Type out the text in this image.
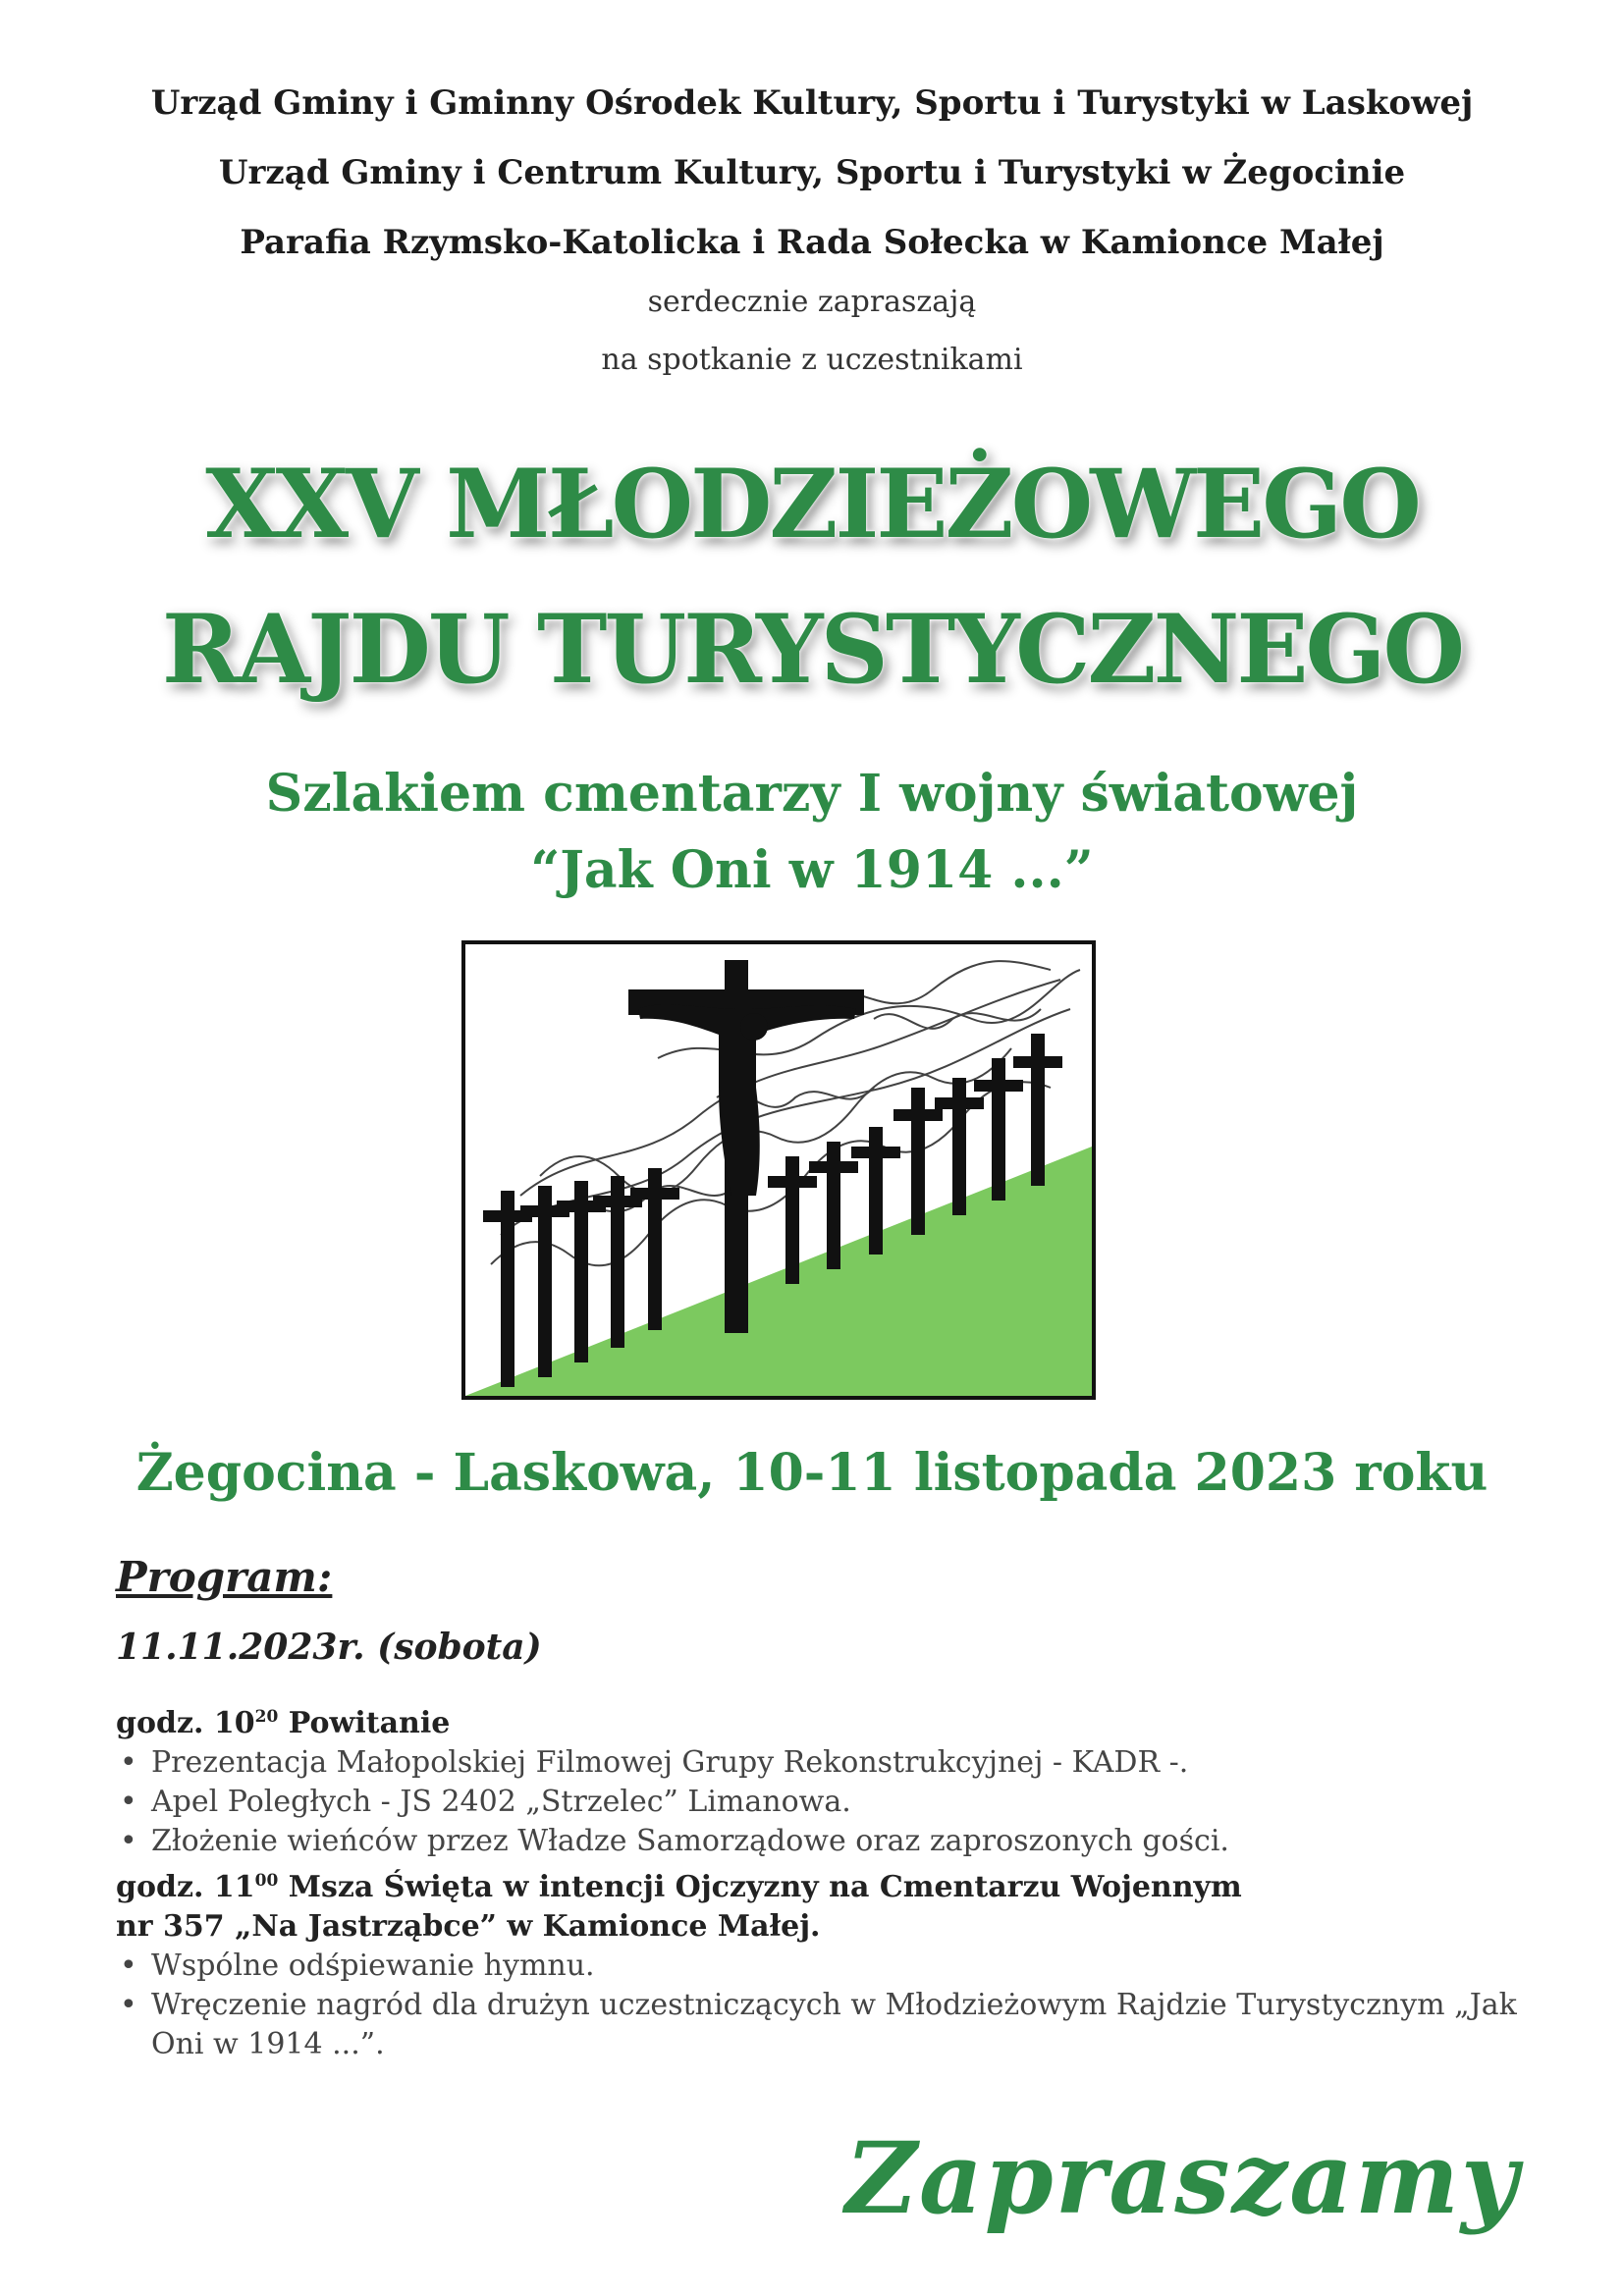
Urząd Gminy i Gminny Ośrodek Kultury, Sportu i Turystyki w Laskowej
Urząd Gminy i Centrum Kultury, Sportu i Turystyki w Żegocinie
Parafia Rzymsko-Katolicka i Rada Sołecka w Kamionce Małej
serdecznie zapraszają
na spotkanie z uczestnikami
XXV MŁODZIEŻOWEGO
RAJDU TURYSTYCZNEGO
Szlakiem cmentarzy I wojny światowej
“Jak Oni w 1914 ...”
Żegocina - Laskowa, 10-11 listopada 2023 roku
Program:
11.11.2023r. (sobota)
godz. $10^{20}$ Powitanie
• Prezentacja Małopolskiej Filmowej Grupy Rekonstrukcyjnej - KADR -.
• Apel Poległych - JS 2402 „Strzelec” Limanowa.
• Złożenie wieńców przez Władze Samorządowe oraz zaproszonych gości.
godz. $11^{00}$ Msza Święta w intencji Ojczyzny na Cmentarzu Wojennym
nr 357 „Na Jastrząbce” w Kamionce Małej.
• Wspólne odśpiewanie hymnu.
• Wręczenie nagród dla drużyn uczestniczących w Młodzieżowym Rajdzie Turystycznym „Jak Oni w 1914 ...”.
Zapraszamy
